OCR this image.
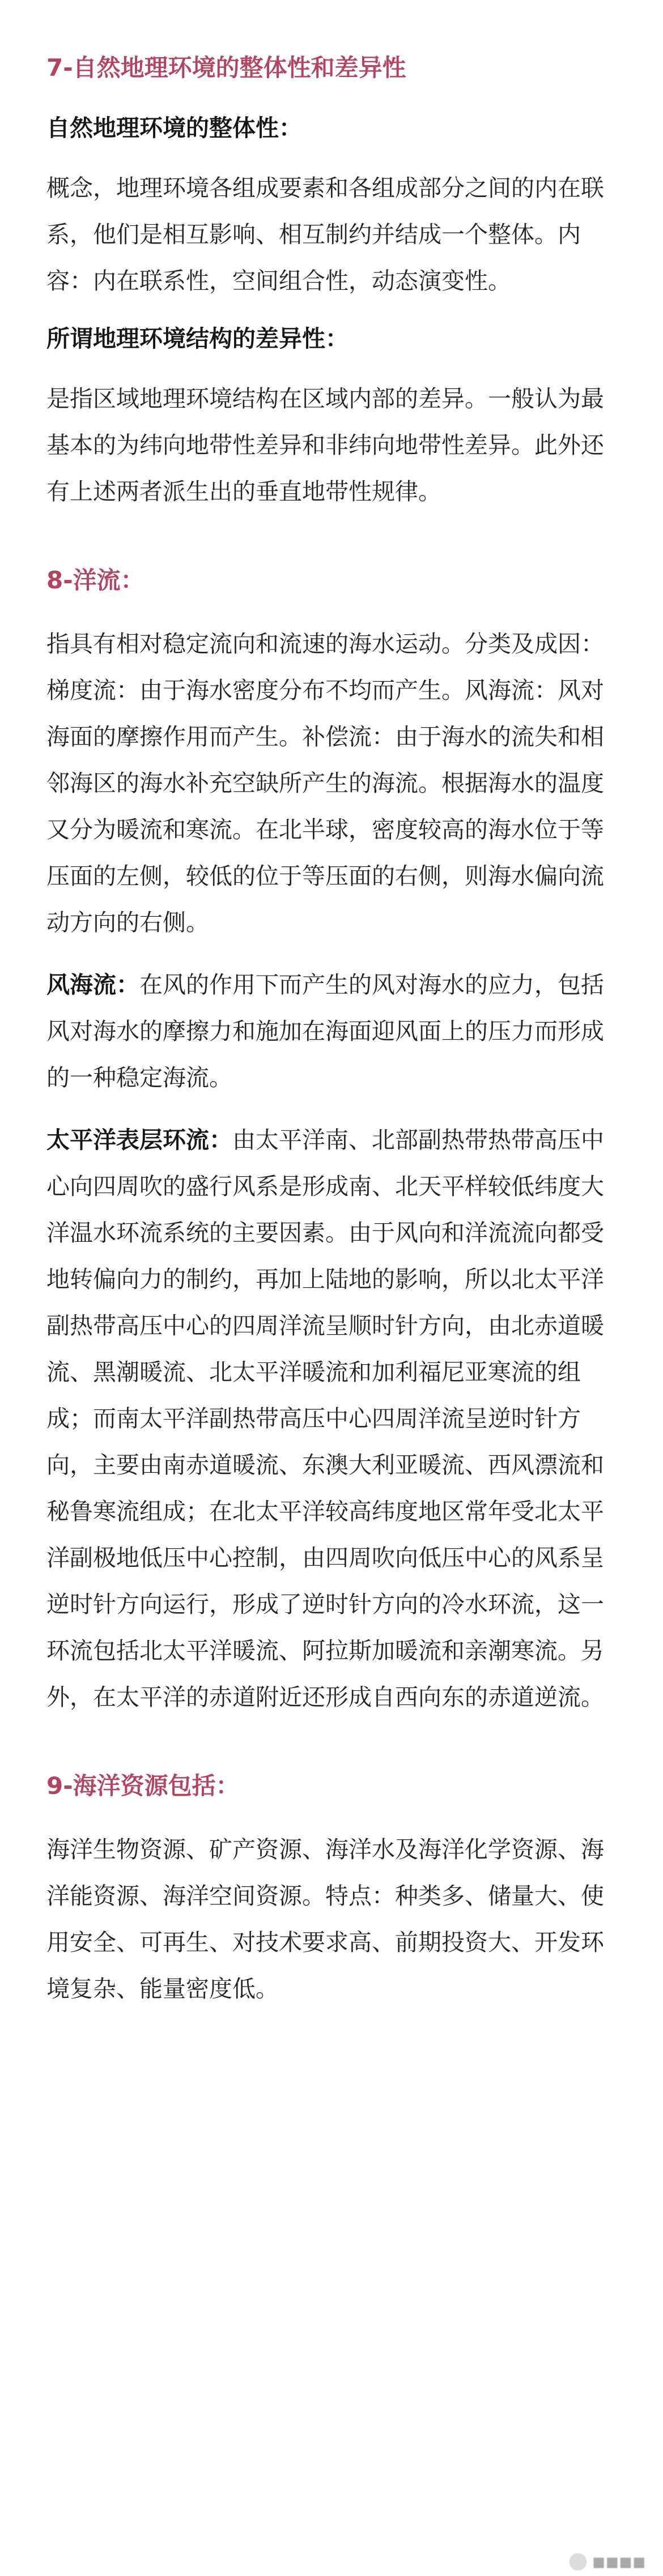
7-自然地理环境的整体性和差异性
自然地理环境的整体性：

概念，地理环境各组成要素和各组成部分之间的内在联系，他们是相互影响、相互制约并结成一个整体。内容：内在联系性，空间组合性，动态演变性。

所谓地理环境结构的差异性：

是指区域地理环境结构在区域内部的差异。一般认为最基本的为纬向地带性差异和非纬向地带性差异。此外还有上述两者派生出的垂直地带性规律。

8-洋流：

指具有相对稳定流向和流速的海水运动。分类及成因：梯度流：由于海水密度分布不均而产生。风海流：风对海面的摩擦作用而产生。补偿流：由于海水的流失和相邻海区的海水补充空缺所产生的海流。根据海水的温度又分为暖流和寒流。在北半球，密度较高的海水位于等压面的左侧，较低的位于等压面的右侧，则海水偏向流动方向的右侧。

风海流：在风的作用下而产生的风对海水的应力，包括风对海水的摩擦力和施加在海面迎风面上的压力而形成的一种稳定海流。

太平洋表层环流：由太平洋南、北部副热带热带高压中心向四周吹的盛行风系是形成南、北天平样较低纬度大洋温水环流系统的主要因素。由于风向和洋流流向都受地转偏向力的制约，再加上陆地的影响，所以北太平洋副热带高压中心的四周洋流呈顺时针方向，由北赤道暖流、黑潮暖流、北太平洋暖流和加利福尼亚寒流的组成；而南太平洋副热带高压中心四周洋流呈逆时针方向，主要由南赤道暖流、东澳大利亚暖流、西风漂流和秘鲁寒流组成；在北太平洋较高纬度地区常年受北太平洋副极地低压中心控制，由四周吹向低压中心的风系呈逆时针方向运行，形成了逆时针方向的冷水环流，这一环流包括北太平洋暖流、阿拉斯加暖流和亲潮寒流。另外，在太平洋的赤道附近还形成自西向东的赤道逆流。

9-海洋资源包括：

海洋生物资源、矿产资源、海洋水及海洋化学资源、海洋能资源、海洋空间资源。特点：种类多、储量大、使用安全、可再生、对技术要求高、前期投资大、开发环境复杂、能量密度低。

■■■■
